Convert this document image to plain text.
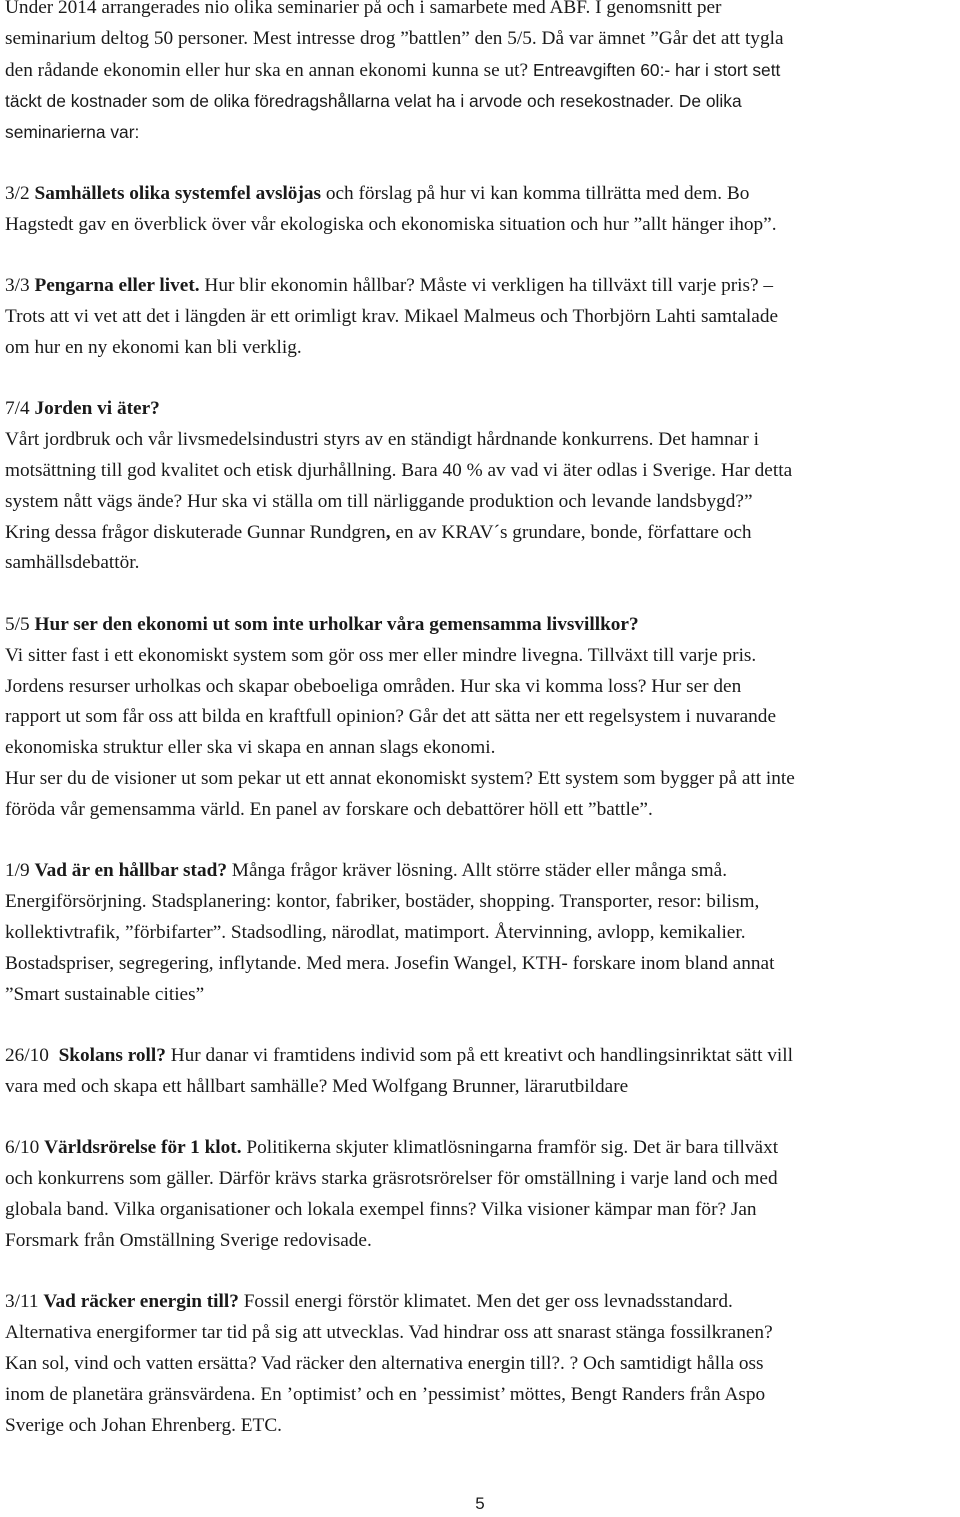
Under 2014 arrangerades nio olika seminarier på och i samarbete med ABF. I genomsnitt per

seminarium deltog 50 personer. Mest intresse drog ”battlen” den 5/5. Då var ämnet ”Går det att tygla

den rådande ekonomin eller hur ska en annan ekonomi kunna se ut? Entreavgiften 60:- har i stort sett

täckt de kostnader som de olika föredragshållarna velat ha i arvode och resekostnader. De olika

seminarierna var:

3/2 Samhällets olika systemfel avslöjas och förslag på hur vi kan komma tillrätta med dem. Bo

Hagstedt gav en överblick över vår ekologiska och ekonomiska situation och hur ”allt hänger ihop”.

3/3 Pengarna eller livet. Hur blir ekonomin hållbar? Måste vi verkligen ha tillväxt till varje pris? –

Trots att vi vet att det i längden är ett orimligt krav. Mikael Malmeus och Thorbjörn Lahti samtalade

om hur en ny ekonomi kan bli verklig.

7/4 Jorden vi äter?

Vårt jordbruk och vår livsmedelsindustri styrs av en ständigt hårdnande konkurrens. Det hamnar i

motsättning till god kvalitet och etisk djurhållning. Bara 40 % av vad vi äter odlas i Sverige. Har detta

system nått vägs ände? Hur ska vi ställa om till närliggande produktion och levande landsbygd?”

Kring dessa frågor diskuterade Gunnar Rundgren, en av KRAV´s grundare, bonde, författare och

samhällsdebattör.

5/5 Hur ser den ekonomi ut som inte urholkar våra gemensamma livsvillkor?

Vi sitter fast i ett ekonomiskt system som gör oss mer eller mindre livegna. Tillväxt till varje pris.

Jordens resurser urholkas och skapar obeboeliga områden. Hur ska vi komma loss? Hur ser den

rapport ut som får oss att bilda en kraftfull opinion? Går det att sätta ner ett regelsystem i nuvarande

ekonomiska struktur eller ska vi skapa en annan slags ekonomi.

Hur ser du de visioner ut som pekar ut ett annat ekonomiskt system? Ett system som bygger på att inte

föröda vår gemensamma värld. En panel av forskare och debattörer höll ett ”battle”.

1/9 Vad är en hållbar stad? Många frågor kräver lösning. Allt större städer eller många små.

Energiförsörjning. Stadsplanering: kontor, fabriker, bostäder, shopping. Transporter, resor: bilism,

kollektivtrafik, ”förbifarter”. Stadsodling, närodlat, matimport. Återvinning, avlopp, kemikalier.

Bostadspriser, segregering, inflytande. Med mera. Josefin Wangel, KTH- forskare inom bland annat

”Smart sustainable cities”

26/10  Skolans roll? Hur danar vi framtidens individ som på ett kreativt och handlingsinriktat sätt vill

vara med och skapa ett hållbart samhälle? Med Wolfgang Brunner, lärarutbildare

6/10 Världsrörelse för 1 klot. Politikerna skjuter klimatlösningarna framför sig. Det är bara tillväxt

och konkurrens som gäller. Därför krävs starka gräsrotsrörelser för omställning i varje land och med

globala band. Vilka organisationer och lokala exempel finns? Vilka visioner kämpar man för? Jan

Forsmark från Omställning Sverige redovisade.

3/11 Vad räcker energin till? Fossil energi förstör klimatet. Men det ger oss levnadsstandard.

Alternativa energiformer tar tid på sig att utvecklas. Vad hindrar oss att snarast stänga fossilkranen?

Kan sol, vind och vatten ersätta? Vad räcker den alternativa energin till?. ? Och samtidigt hålla oss

inom de planetära gränsvärdena. En ’optimist’ och en ’pessimist’ möttes, Bengt Randers från Aspo

Sverige och Johan Ehrenberg. ETC.

5
